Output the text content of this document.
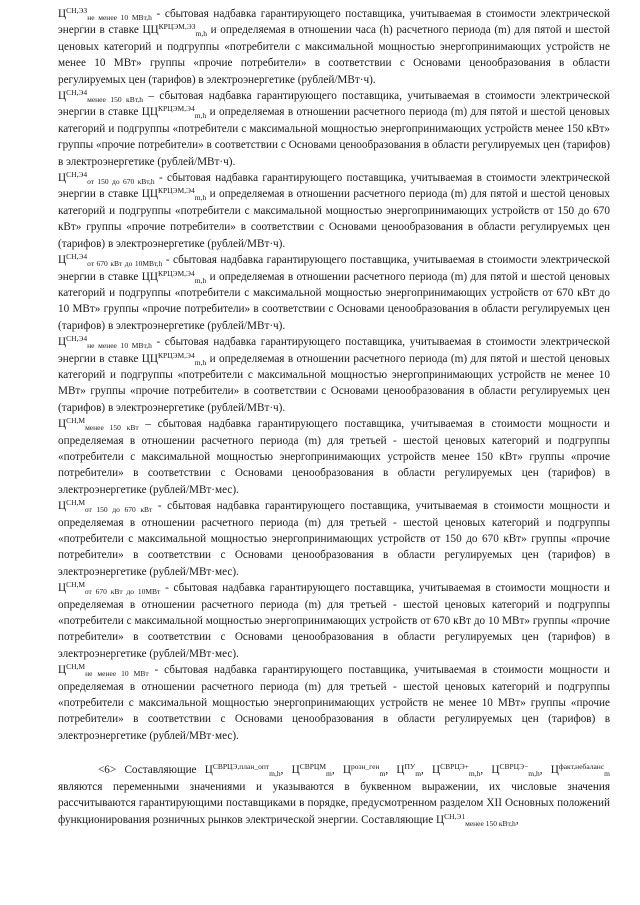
$Ц^{СН,ЭЗ}_{не менее 10 МВт,h}$ - сбытовая надбавка гарантирующего поставщика, учитываемая в стоимости электрической энергии в ставке $ЦЦ^{КРЦЭМ,ЭЗ}_{m,h}$ и определяемая в отношении часа (h) расчетного периода (m) для пятой и шестой ценовых категорий и подгруппы «потребители с максимальной мощностью энергопринимающих устройств не менее 10 МВт» группы «прочие потребители» в соответствии с Основами ценообразования в области регулируемых цен (тарифов) в электроэнергетике (рублей/МВт·ч).

$Ц^{СН,Э4}_{менее 150 кВт,h}$ – сбытовая надбавка гарантирующего поставщика, учитываемая в стоимости электрической энергии в ставке $ЦЦ^{КРЦЭМ,Э4}_{m,h}$ и определяемая в отношении расчетного периода (m) для пятой и шестой ценовых категорий и подгруппы «потребители с максимальной мощностью энергопринимающих устройств менее 150 кВт» группы «прочие потребители» в соответствии с Основами ценообразования в области регулируемых цен (тарифов) в электроэнергетике (рублей/МВт·ч).

$Ц^{СН,Э4}_{от 150 до 670 кВт,h}$ - сбытовая надбавка гарантирующего поставщика, учитываемая в стоимости электрической энергии в ставке $ЦЦ^{КРЦЭМ,Э4}_{m,h}$ и определяемая в отношении расчетного периода (m) для пятой и шестой ценовых категорий и подгруппы «потребители с максимальной мощностью энергопринимающих устройств от 150 до 670 кВт» группы «прочие потребители» в соответствии с Основами ценообразования в области регулируемых цен (тарифов) в электроэнергетике (рублей/МВт·ч).

$Ц^{СН,Э4}_{от 670 кВт до 10МВт,h}$ - сбытовая надбавка гарантирующего поставщика, учитываемая в стоимости электрической энергии в ставке $ЦЦ^{КРЦЭМ,Э4}_{m,h}$ и определяемая в отношении расчетного периода (m) для пятой и шестой ценовых категорий и подгруппы «потребители с максимальной мощностью энергопринимающих устройств от 670 кВт до 10 МВт» группы «прочие потребители» в соответствии с Основами ценообразования в области регулируемых цен (тарифов) в электроэнергетике (рублей/МВт·ч).

$Ц^{СН,Э4}_{не менее 10 МВт,h}$ - сбытовая надбавка гарантирующего поставщика, учитываемая в стоимости электрической энергии в ставке $ЦЦ^{КРЦЭМ,Э4}_{m,h}$ и определяемая в отношении расчетного периода (m) для пятой и шестой ценовых категорий и подгруппы «потребители с максимальной мощностью энергопринимающих устройств не менее 10 МВт» группы «прочие потребители» в соответствии с Основами ценообразования в области регулируемых цен (тарифов) в электроэнергетике (рублей/МВт·ч).

$Ц^{СН,М}_{менее 150 кВт}$ – сбытовая надбавка гарантирующего поставщика, учитываемая в стоимости мощности и определяемая в отношении расчетного периода (m) для третьей - шестой ценовых категорий и подгруппы «потребители с максимальной мощностью энергопринимающих устройств менее 150 кВт» группы «прочие потребители» в соответствии с Основами ценообразования в области регулируемых цен (тарифов) в электроэнергетике (рублей/МВт·мес).

$Ц^{СН,М}_{от 150 до 670 кВт}$ - сбытовая надбавка гарантирующего поставщика, учитываемая в стоимости мощности и определяемая в отношении расчетного периода (m) для третьей - шестой ценовых категорий и подгруппы «потребители с максимальной мощностью энергопринимающих устройств от 150 до 670 кВт» группы «прочие потребители» в соответствии с Основами ценообразования в области регулируемых цен (тарифов) в электроэнергетике (рублей/МВт·мес).

$Ц^{СН,М}_{от 670 кВт до 10МВт}$ - сбытовая надбавка гарантирующего поставщика, учитываемая в стоимости мощности и определяемая в отношении расчетного периода (m) для третьей - шестой ценовых категорий и подгруппы «потребители с максимальной мощностью энергопринимающих устройств от 670 кВт до 10 МВт» группы «прочие потребители» в соответствии с Основами ценообразования в области регулируемых цен (тарифов) в электроэнергетике (рублей/МВт·мес).

$Ц^{СН,М}_{не менее 10 МВт}$ - сбытовая надбавка гарантирующего поставщика, учитываемая в стоимости мощности и определяемая в отношении расчетного периода (m) для третьей - шестой ценовых категорий и подгруппы «потребители с максимальной мощностью энергопринимающих устройств не менее 10 МВт» группы «прочие потребители» в соответствии с Основами ценообразования в области регулируемых цен (тарифов) в электроэнергетике (рублей/МВт·мес).

<6> Составляющие $Ц^{СВРЦЭ,план\_опт}_{m,h}$, $Ц^{СВРЦМ}_m$, $Ц^{розн\_ген}_m$, $Ц^{ПУ}_m$, $Ц^{СВРЦЭ+}_{m,h}$, $Ц^{СВРЦЭ-}_{m,h}$, $Ц^{факт,небаланс}_m$ являются переменными значениями и указываются в буквенном выражении, их числовые значения рассчитываются гарантирующими поставщиками в порядке, предусмотренном разделом XII Основных положений функционирования розничных рынков электрической энергии. Составляющие $Ц^{СН,Э1}_{менее 150 кВт,h}$,
